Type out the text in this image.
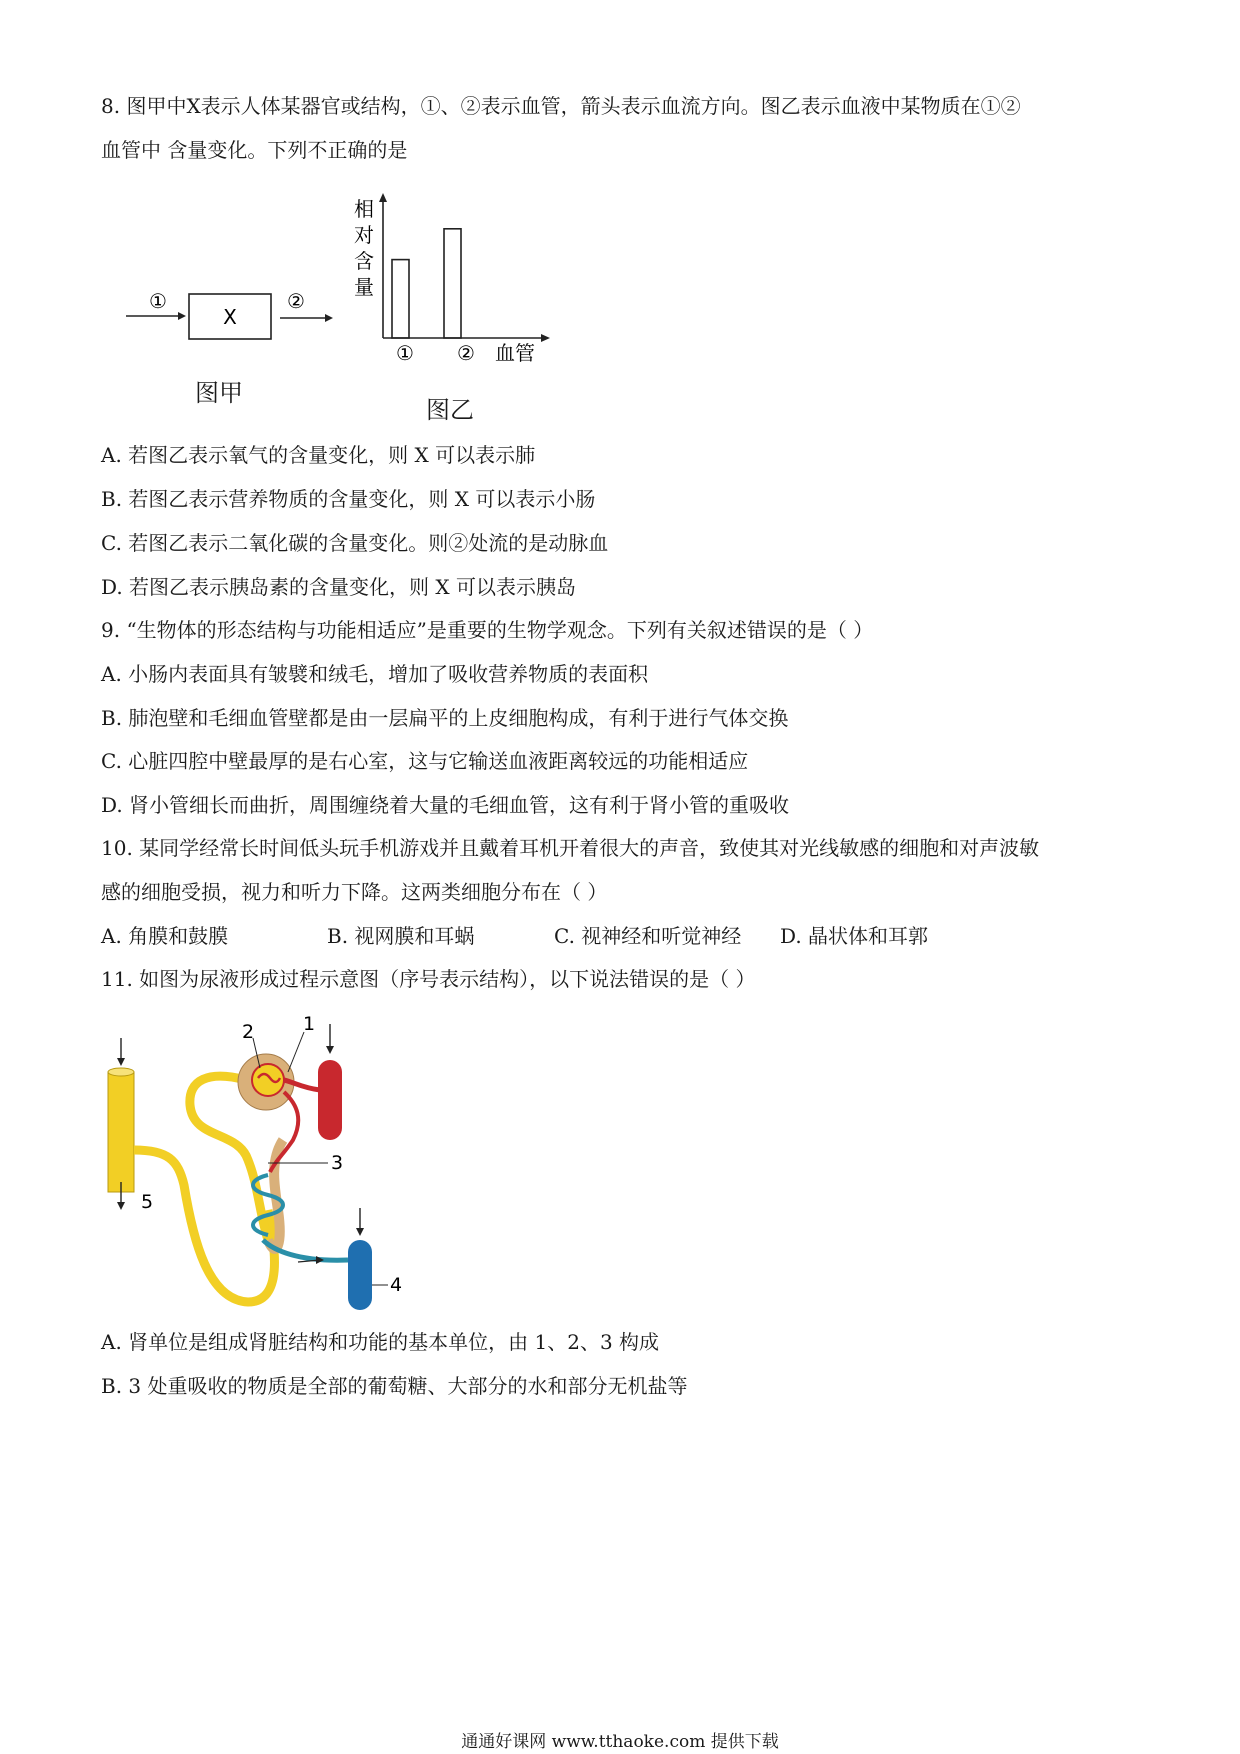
8. 图甲中X表示人体某器官或结构，①、②表示血管，箭头表示血流方向。图乙表示血液中某物质在①②
血管中 含量变化。下列不正确的是
①
X
②
图甲
相
对
含
量
① ② 血管
图乙
A. 若图乙表示氧气的含量变化，则 X 可以表示肺
B. 若图乙表示营养物质的含量变化，则 X 可以表示小肠
C. 若图乙表示二氧化碳的含量变化。则②处流的是动脉血
D. 若图乙表示胰岛素的含量变化，则 X 可以表示胰岛
9. “生物体的形态结构与功能相适应”是重要的生物学观念。下列有关叙述错误的是（ ）
A. 小肠内表面具有皱襞和绒毛，增加了吸收营养物质的表面积
B. 肺泡壁和毛细血管壁都是由一层扁平的上皮细胞构成，有利于进行气体交换
C. 心脏四腔中壁最厚的是右心室，这与它输送血液距离较远的功能相适应
D. 肾小管细长而曲折，周围缠绕着大量的毛细血管，这有利于肾小管的重吸收
10. 某同学经常长时间低头玩手机游戏并且戴着耳机开着很大的声音，致使其对光线敏感的细胞和对声波敏
感的细胞受损，视力和听力下降。这两类细胞分布在（ ）
A. 角膜和鼓膜	B. 视网膜和耳蜗	C. 视神经和听觉神经 D. 晶状体和耳郭
11. 如图为尿液形成过程示意图（序号表示结构），以下说法错误的是（ ）
1
2
3
4
5
A. 肾单位是组成肾脏结构和功能的基本单位，由 1、2、3 构成
B. 3 处重吸收的物质是全部的葡萄糖、大部分的水和部分无机盐等
通通好课网 www.tthaoke.com 提供下载
